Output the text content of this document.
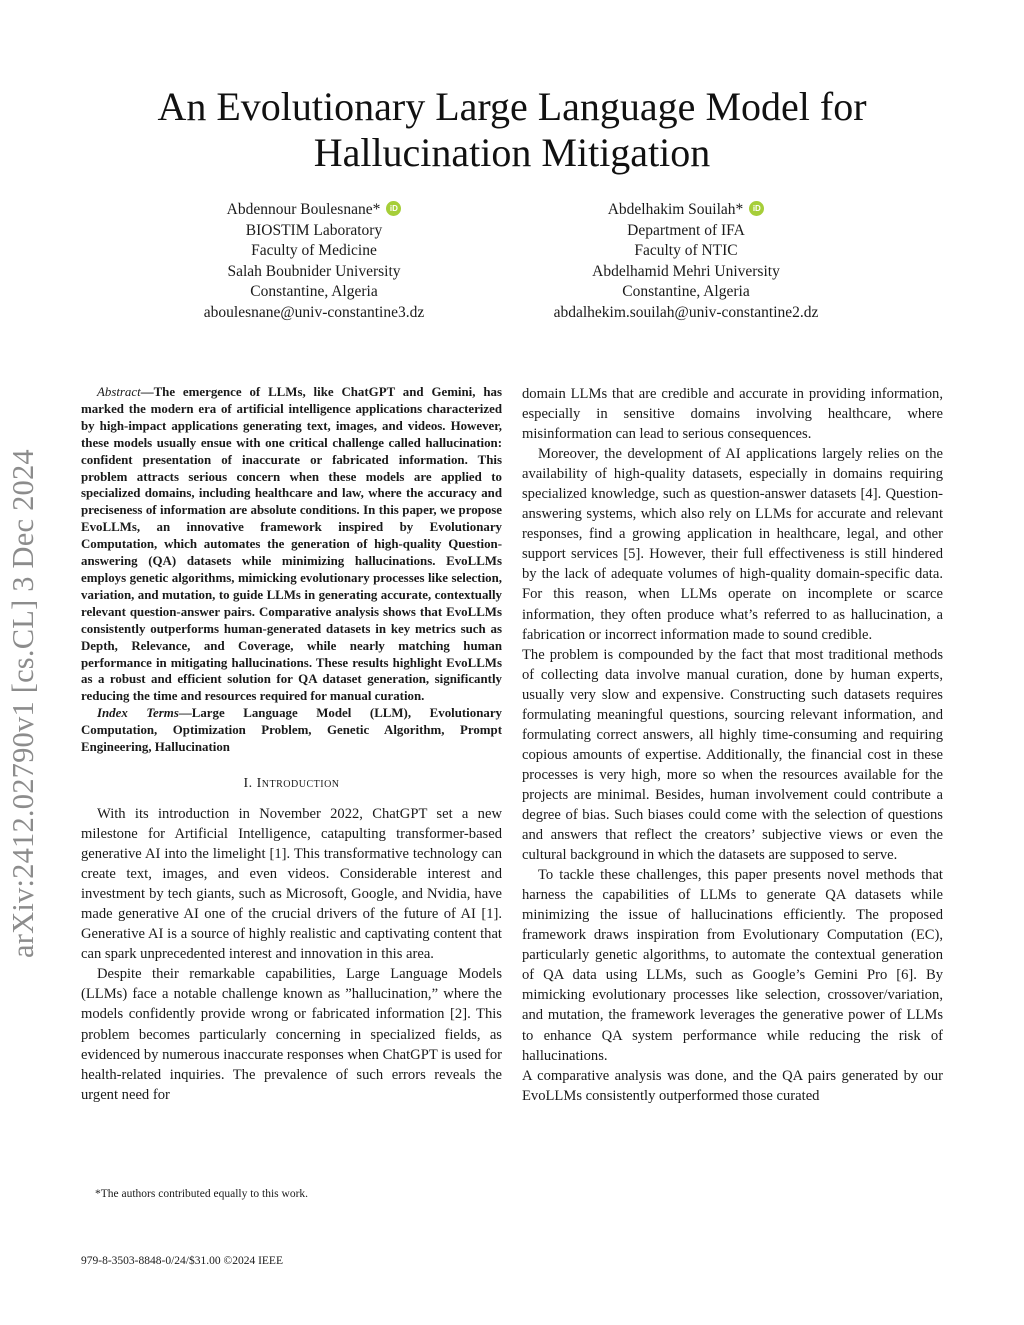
arXiv:2412.02790v1 [cs.CL] 3 Dec 2024
An Evolutionary Large Language Model for
Hallucination Mitigation
Abdennour Boulesnane* iD
BIOSTIM Laboratory
Faculty of Medicine
Salah Boubnider University
Constantine, Algeria
aboulesnane@univ-constantine3.dz
Abdelhakim Souilah* iD
Department of IFA
Faculty of NTIC
Abdelhamid Mehri University
Constantine, Algeria
abdalhekim.souilah@univ-constantine2.dz

Abstract—The emergence of LLMs, like ChatGPT and Gemini, has marked the modern era of artificial intelligence applications characterized by high-impact applications generating text, images, and videos. However, these models usually ensue with one critical challenge called hallucination: confident presentation of inaccurate or fabricated information. This problem attracts serious concern when these models are applied to specialized domains, including healthcare and law, where the accuracy and preciseness of information are absolute conditions. In this paper, we propose EvoLLMs, an innovative framework inspired by Evolutionary Computation, which automates the generation of high-quality Question-answering (QA) datasets while minimizing hallucinations. EvoLLMs employs genetic algorithms, mimicking evolutionary processes like selection, variation, and mutation, to guide LLMs in generating accurate, contextually relevant question-answer pairs. Comparative analysis shows that EvoLLMs consistently outperforms human-generated datasets in key metrics such as Depth, Relevance, and Coverage, while nearly matching human performance in mitigating hallucinations. These results highlight EvoLLMs as a robust and efficient solution for QA dataset generation, significantly reducing the time and resources required for manual curation.

Index Terms—Large Language Model (LLM), Evolutionary Computation, Optimization Problem, Genetic Algorithm, Prompt Engineering, Hallucination

I. Introduction

With its introduction in November 2022, ChatGPT set a new milestone for Artificial Intelligence, catapulting transformer-based generative AI into the limelight [1]. This transformative technology can create text, images, and even videos. Considerable interest and investment by tech giants, such as Microsoft, Google, and Nvidia, have made generative AI one of the crucial drivers of the future of AI [1]. Generative AI is a source of highly realistic and captivating content that can spark unprecedented interest and innovation in this area.

Despite their remarkable capabilities, Large Language Models (LLMs) face a notable challenge known as ”hallucination,” where the models confidently provide wrong or fabricated information [2]. This problem becomes particularly concerning in specialized fields, as evidenced by numerous inaccurate responses when ChatGPT is used for health-related inquiries. The prevalence of such errors reveals the urgent need for

domain LLMs that are credible and accurate in providing information, especially in sensitive domains involving healthcare, where misinformation can lead to serious consequences.

Moreover, the development of AI applications largely relies on the availability of high-quality datasets, especially in domains requiring specialized knowledge, such as question-answer datasets [4]. Question-answering systems, which also rely on LLMs for accurate and relevant responses, find a growing application in healthcare, legal, and other support services [5]. However, their full effectiveness is still hindered by the lack of adequate volumes of high-quality domain-specific data. For this reason, when LLMs operate on incomplete or scarce information, they often produce what’s referred to as hallucination, a fabrication or incorrect information made to sound credible.

The problem is compounded by the fact that most traditional methods of collecting data involve manual curation, done by human experts, usually very slow and expensive. Constructing such datasets requires formulating meaningful questions, sourcing relevant information, and formulating correct answers, all highly time-consuming and requiring copious amounts of expertise. Additionally, the financial cost in these processes is very high, more so when the resources available for the projects are minimal. Besides, human involvement could contribute a degree of bias. Such biases could come with the selection of questions and answers that reflect the creators’ subjective views or even the cultural background in which the datasets are supposed to serve.

To tackle these challenges, this paper presents novel methods that harness the capabilities of LLMs to generate QA datasets while minimizing the issue of hallucinations efficiently. The proposed framework draws inspiration from Evolutionary Computation (EC), particularly genetic algorithms, to automate the contextual generation of QA data using LLMs, such as Google’s Gemini Pro [6]. By mimicking evolutionary processes like selection, crossover/variation, and mutation, the framework leverages the generative power of LLMs to enhance QA system performance while reducing the risk of hallucinations.

A comparative analysis was done, and the QA pairs generated by our EvoLLMs consistently outperformed those curated

*The authors contributed equally to this work.
979-8-3503-8848-0/24/$31.00 ©2024 IEEE
